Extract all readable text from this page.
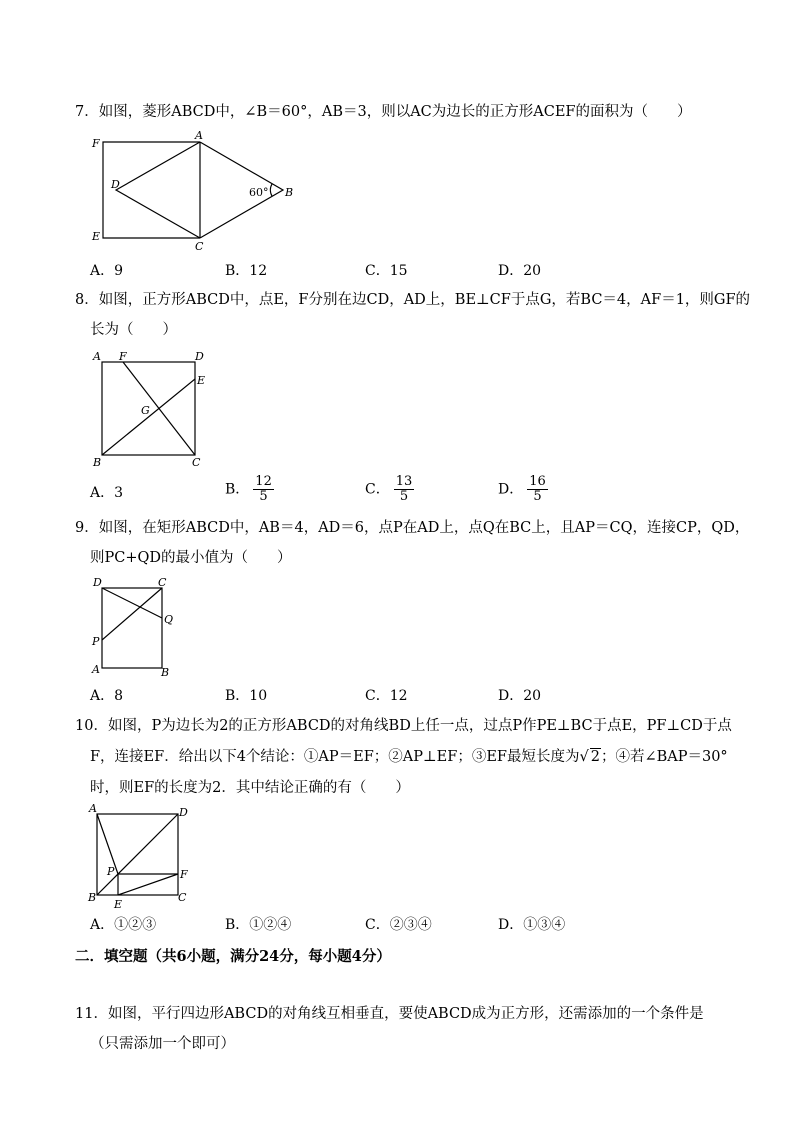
7．如图，菱形ABCD中，∠B＝60°，AB＝3，则以AC为边长的正方形ACEF的面积为（　　）
F
A
D
60° B
E
C
A．9	B．12	C．15	D．20
8．如图，正方形ABCD中，点E，F分别在边CD，AD上，BE⊥CF于点G，若BC＝4，AF＝1，则GF的
长为（　　）
A F	D
E
G
B	C
A．3	B． $\frac{12}{5}$	C． $\frac{13}{5}$	D． $\frac{16}{5}$
9．如图，在矩形ABCD中，AB＝4，AD＝6，点P在AD上，点Q在BC上，且AP＝CQ，连接CP，QD，
则PC+QD的最小值为（　　）
D	C
Q
P
A	B
A．8	B．10	C．12	D．20
10．如图，P为边长为2的正方形ABCD的对角线BD上任一点，过点P作PE⊥BC于点E，PF⊥CD于点
F，连接EF．给出以下4个结论：①AP＝EF；②AP⊥EF；③EF最短长度为√ 2；④若∠BAP＝30°
时，则EF的长度为2．其中结论正确的有（　　）
A	D
P	F
B
E
C
A．①②③	B．①②④	C．②③④	D．①③④
二．填空题（共6小题，满分24分，每小题4分）
11．如图，平行四边形ABCD的对角线互相垂直，要使ABCD成为正方形，还需添加的一个条件是
（只需添加一个即可）
